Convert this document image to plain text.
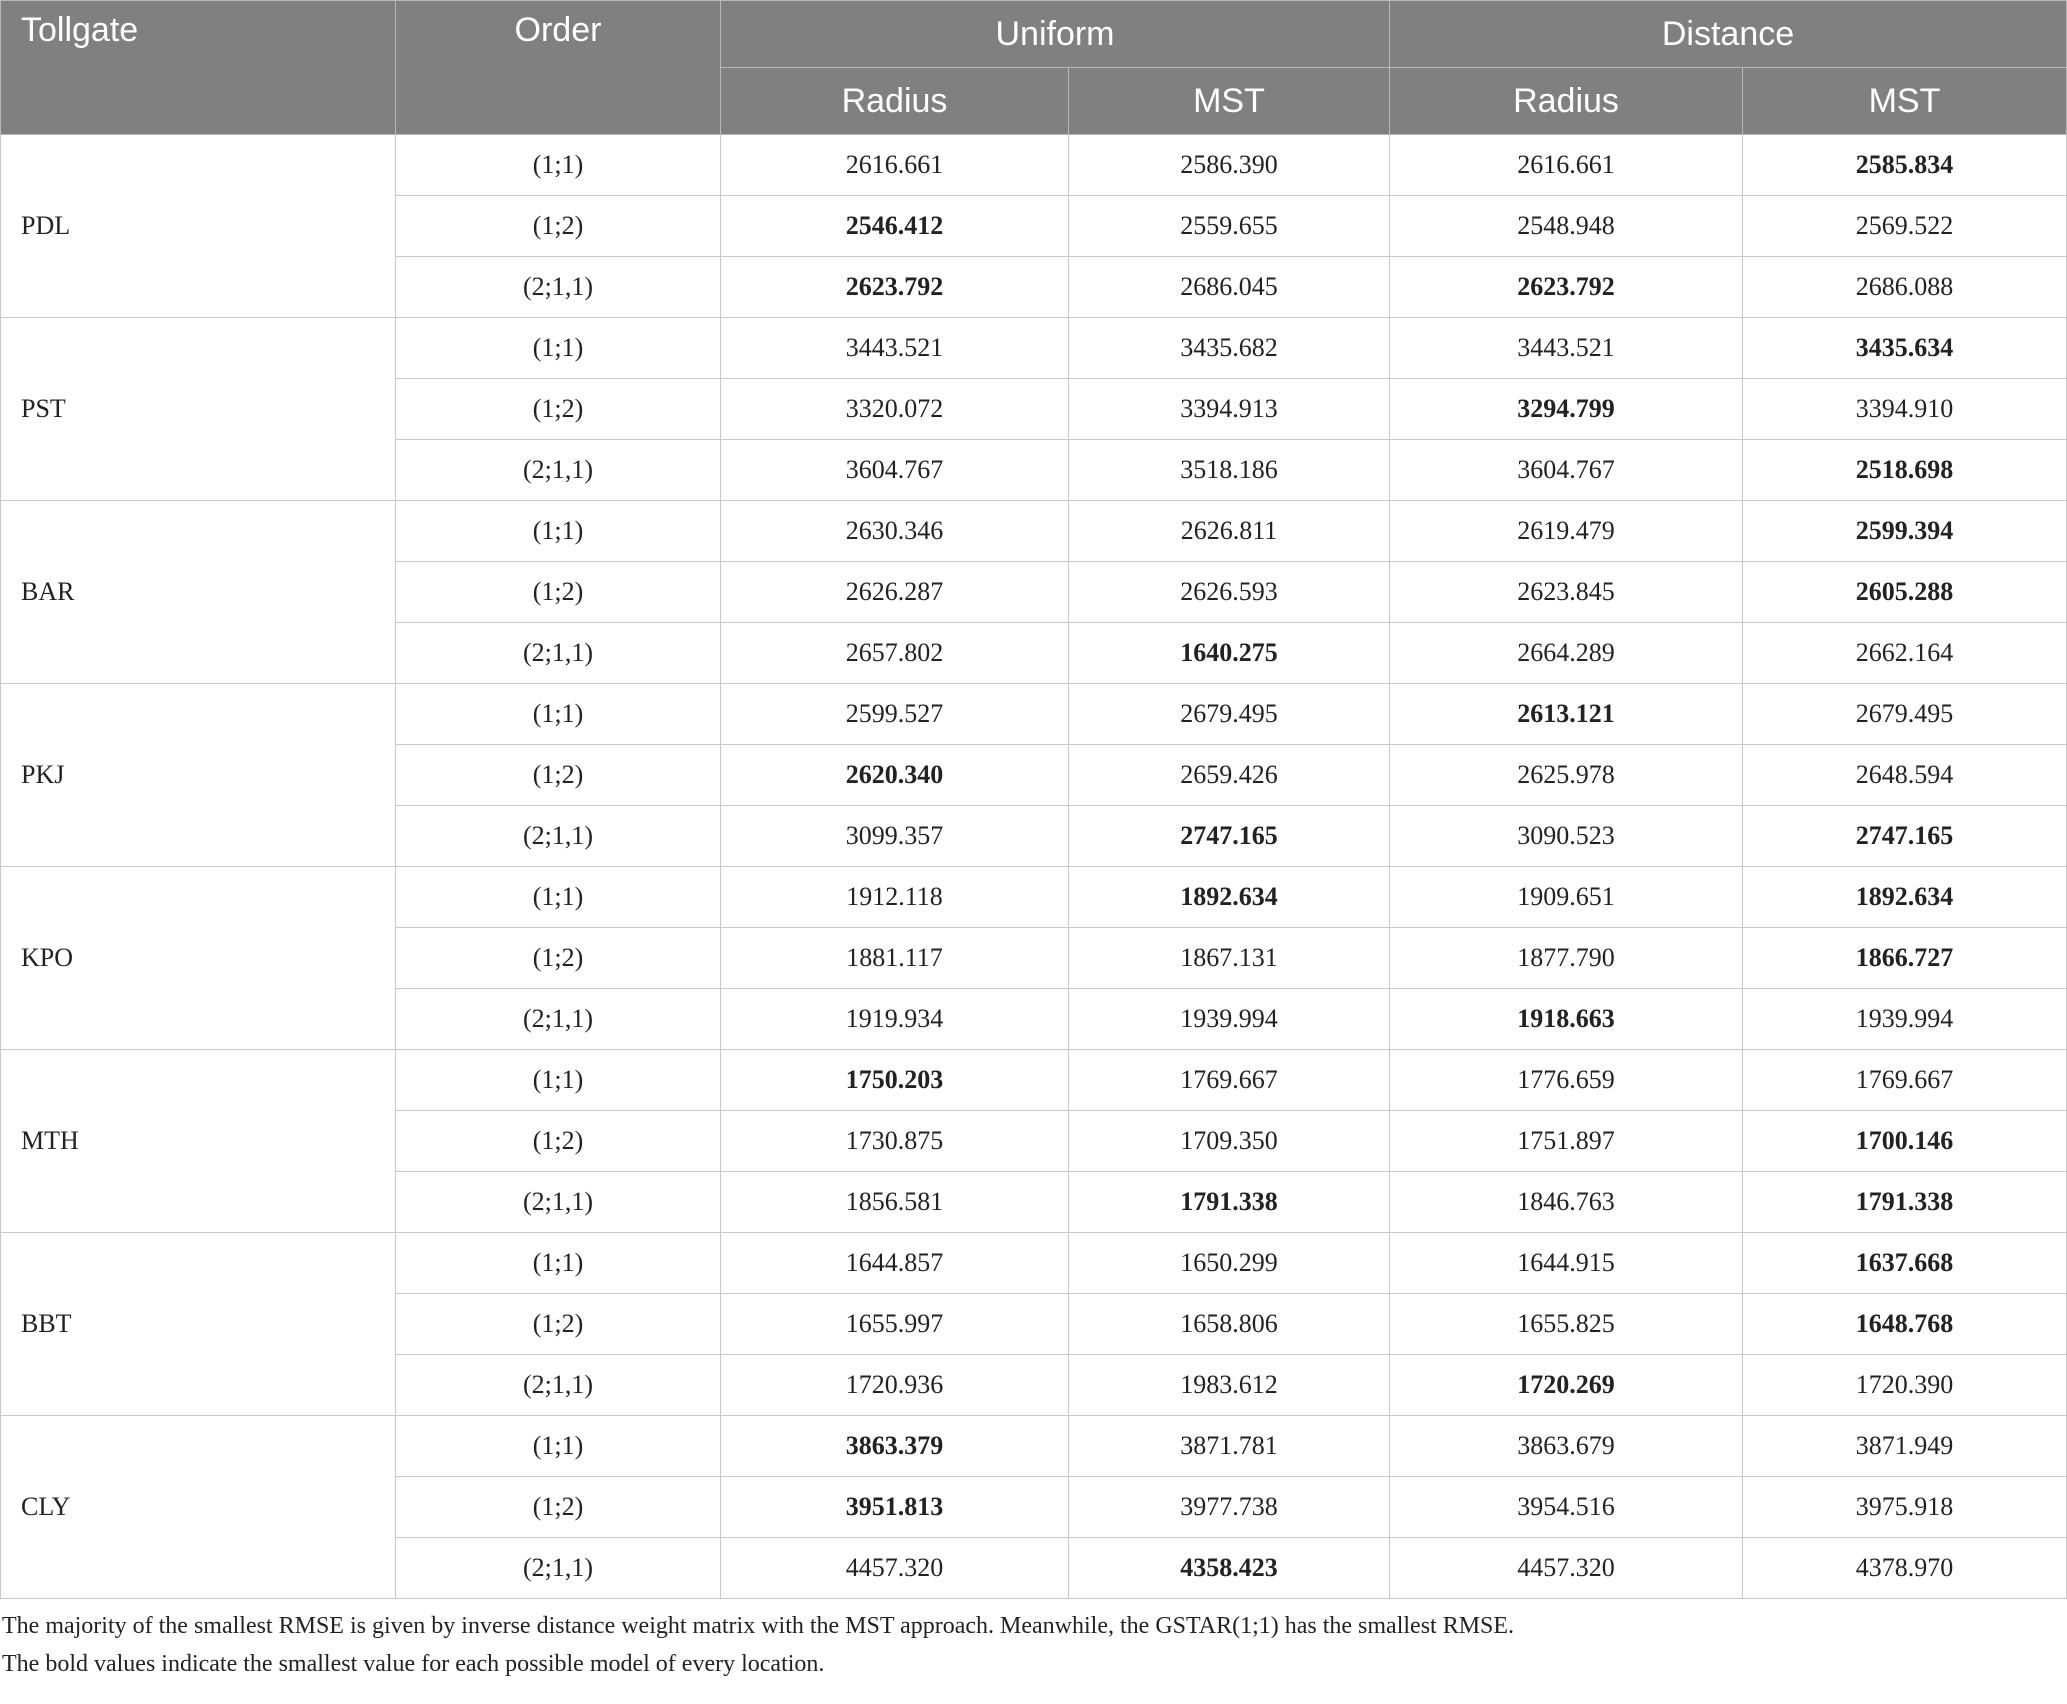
Tollgate	Order	Uniform		Distance	
		Radius	MST	Radius	MST
PDL	(1;1)	2616.661	2586.390	2616.661	2585.834
	(1;2)	2546.412	2559.655	2548.948	2569.522
	(2;1,1)	2623.792	2686.045	2623.792	2686.088
PST	(1;1)	3443.521	3435.682	3443.521	3435.634
	(1;2)	3320.072	3394.913	3294.799	3394.910
	(2;1,1)	3604.767	3518.186	3604.767	2518.698
BAR	(1;1)	2630.346	2626.811	2619.479	2599.394
	(1;2)	2626.287	2626.593	2623.845	2605.288
	(2;1,1)	2657.802	1640.275	2664.289	2662.164
PKJ	(1;1)	2599.527	2679.495	2613.121	2679.495
	(1;2)	2620.340	2659.426	2625.978	2648.594
	(2;1,1)	3099.357	2747.165	3090.523	2747.165
KPO	(1;1)	1912.118	1892.634	1909.651	1892.634
	(1;2)	1881.117	1867.131	1877.790	1866.727
	(2;1,1)	1919.934	1939.994	1918.663	1939.994
MTH	(1;1)	1750.203	1769.667	1776.659	1769.667
	(1;2)	1730.875	1709.350	1751.897	1700.146
	(2;1,1)	1856.581	1791.338	1846.763	1791.338
BBT	(1;1)	1644.857	1650.299	1644.915	1637.668
	(1;2)	1655.997	1658.806	1655.825	1648.768
	(2;1,1)	1720.936	1983.612	1720.269	1720.390
CLY	(1;1)	3863.379	3871.781	3863.679	3871.949
	(1;2)	3951.813	3977.738	3954.516	3975.918
	(2;1,1)	4457.320	4358.423	4457.320	4378.970
The majority of the smallest RMSE is given by inverse distance weight matrix with the MST approach. Meanwhile, the GSTAR(1;1) has the smallest RMSE.
The bold values indicate the smallest value for each possible model of every location.
